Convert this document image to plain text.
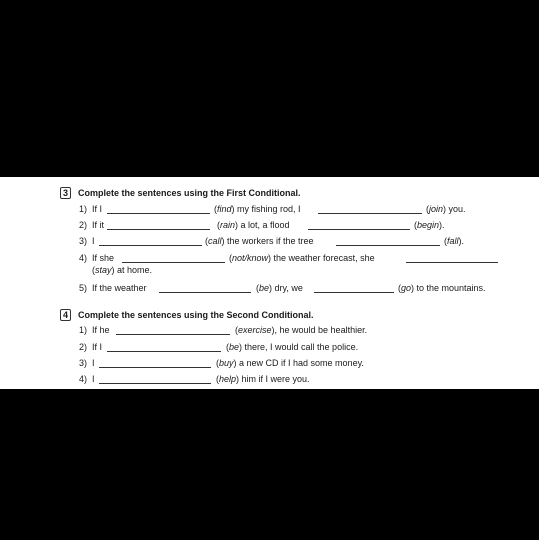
3	Complete the sentences using the First Conditional.
1) If I	(find) my fishing rod, I	(join) you.
2) If it	(rain) a lot, a flood	(begin).
3) I	(call) the workers if the tree	(fall).
4) If she	(not/know) the weather forecast, she
(stay) at home.
5) If the weather	(be) dry, we	(go) to the mountains.
4	Complete the sentences using the Second Conditional.
1) If he	(exercise), he would be healthier.
2) If I	(be) there, I would call the police.
3) I	(buy) a new CD if I had some money.
4) I	(help) him if I were you.
